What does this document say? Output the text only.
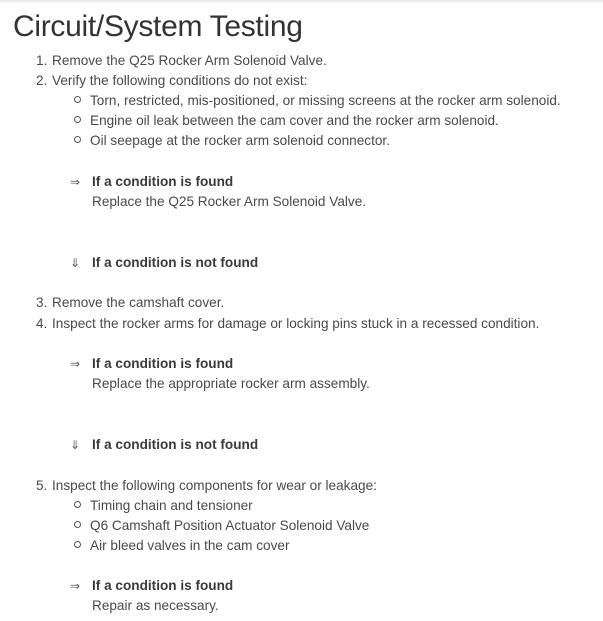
Circuit/System Testing
1. Remove the Q25 Rocker Arm Solenoid Valve.
2. Verify the following conditions do not exist:
Torn, restricted, mis-positioned, or missing screens at the rocker arm solenoid.
Engine oil leak between the cam cover and the rocker arm solenoid.
Oil seepage at the rocker arm solenoid connector.
⇒ If a condition is found
Replace the Q25 Rocker Arm Solenoid Valve.
⇓ If a condition is not found
3. Remove the camshaft cover.
4. Inspect the rocker arms for damage or locking pins stuck in a recessed condition.
⇒ If a condition is found
Replace the appropriate rocker arm assembly.
⇓ If a condition is not found
5. Inspect the following components for wear or leakage:
Timing chain and tensioner
Q6 Camshaft Position Actuator Solenoid Valve
Air bleed valves in the cam cover
⇒ If a condition is found
Repair as necessary.
